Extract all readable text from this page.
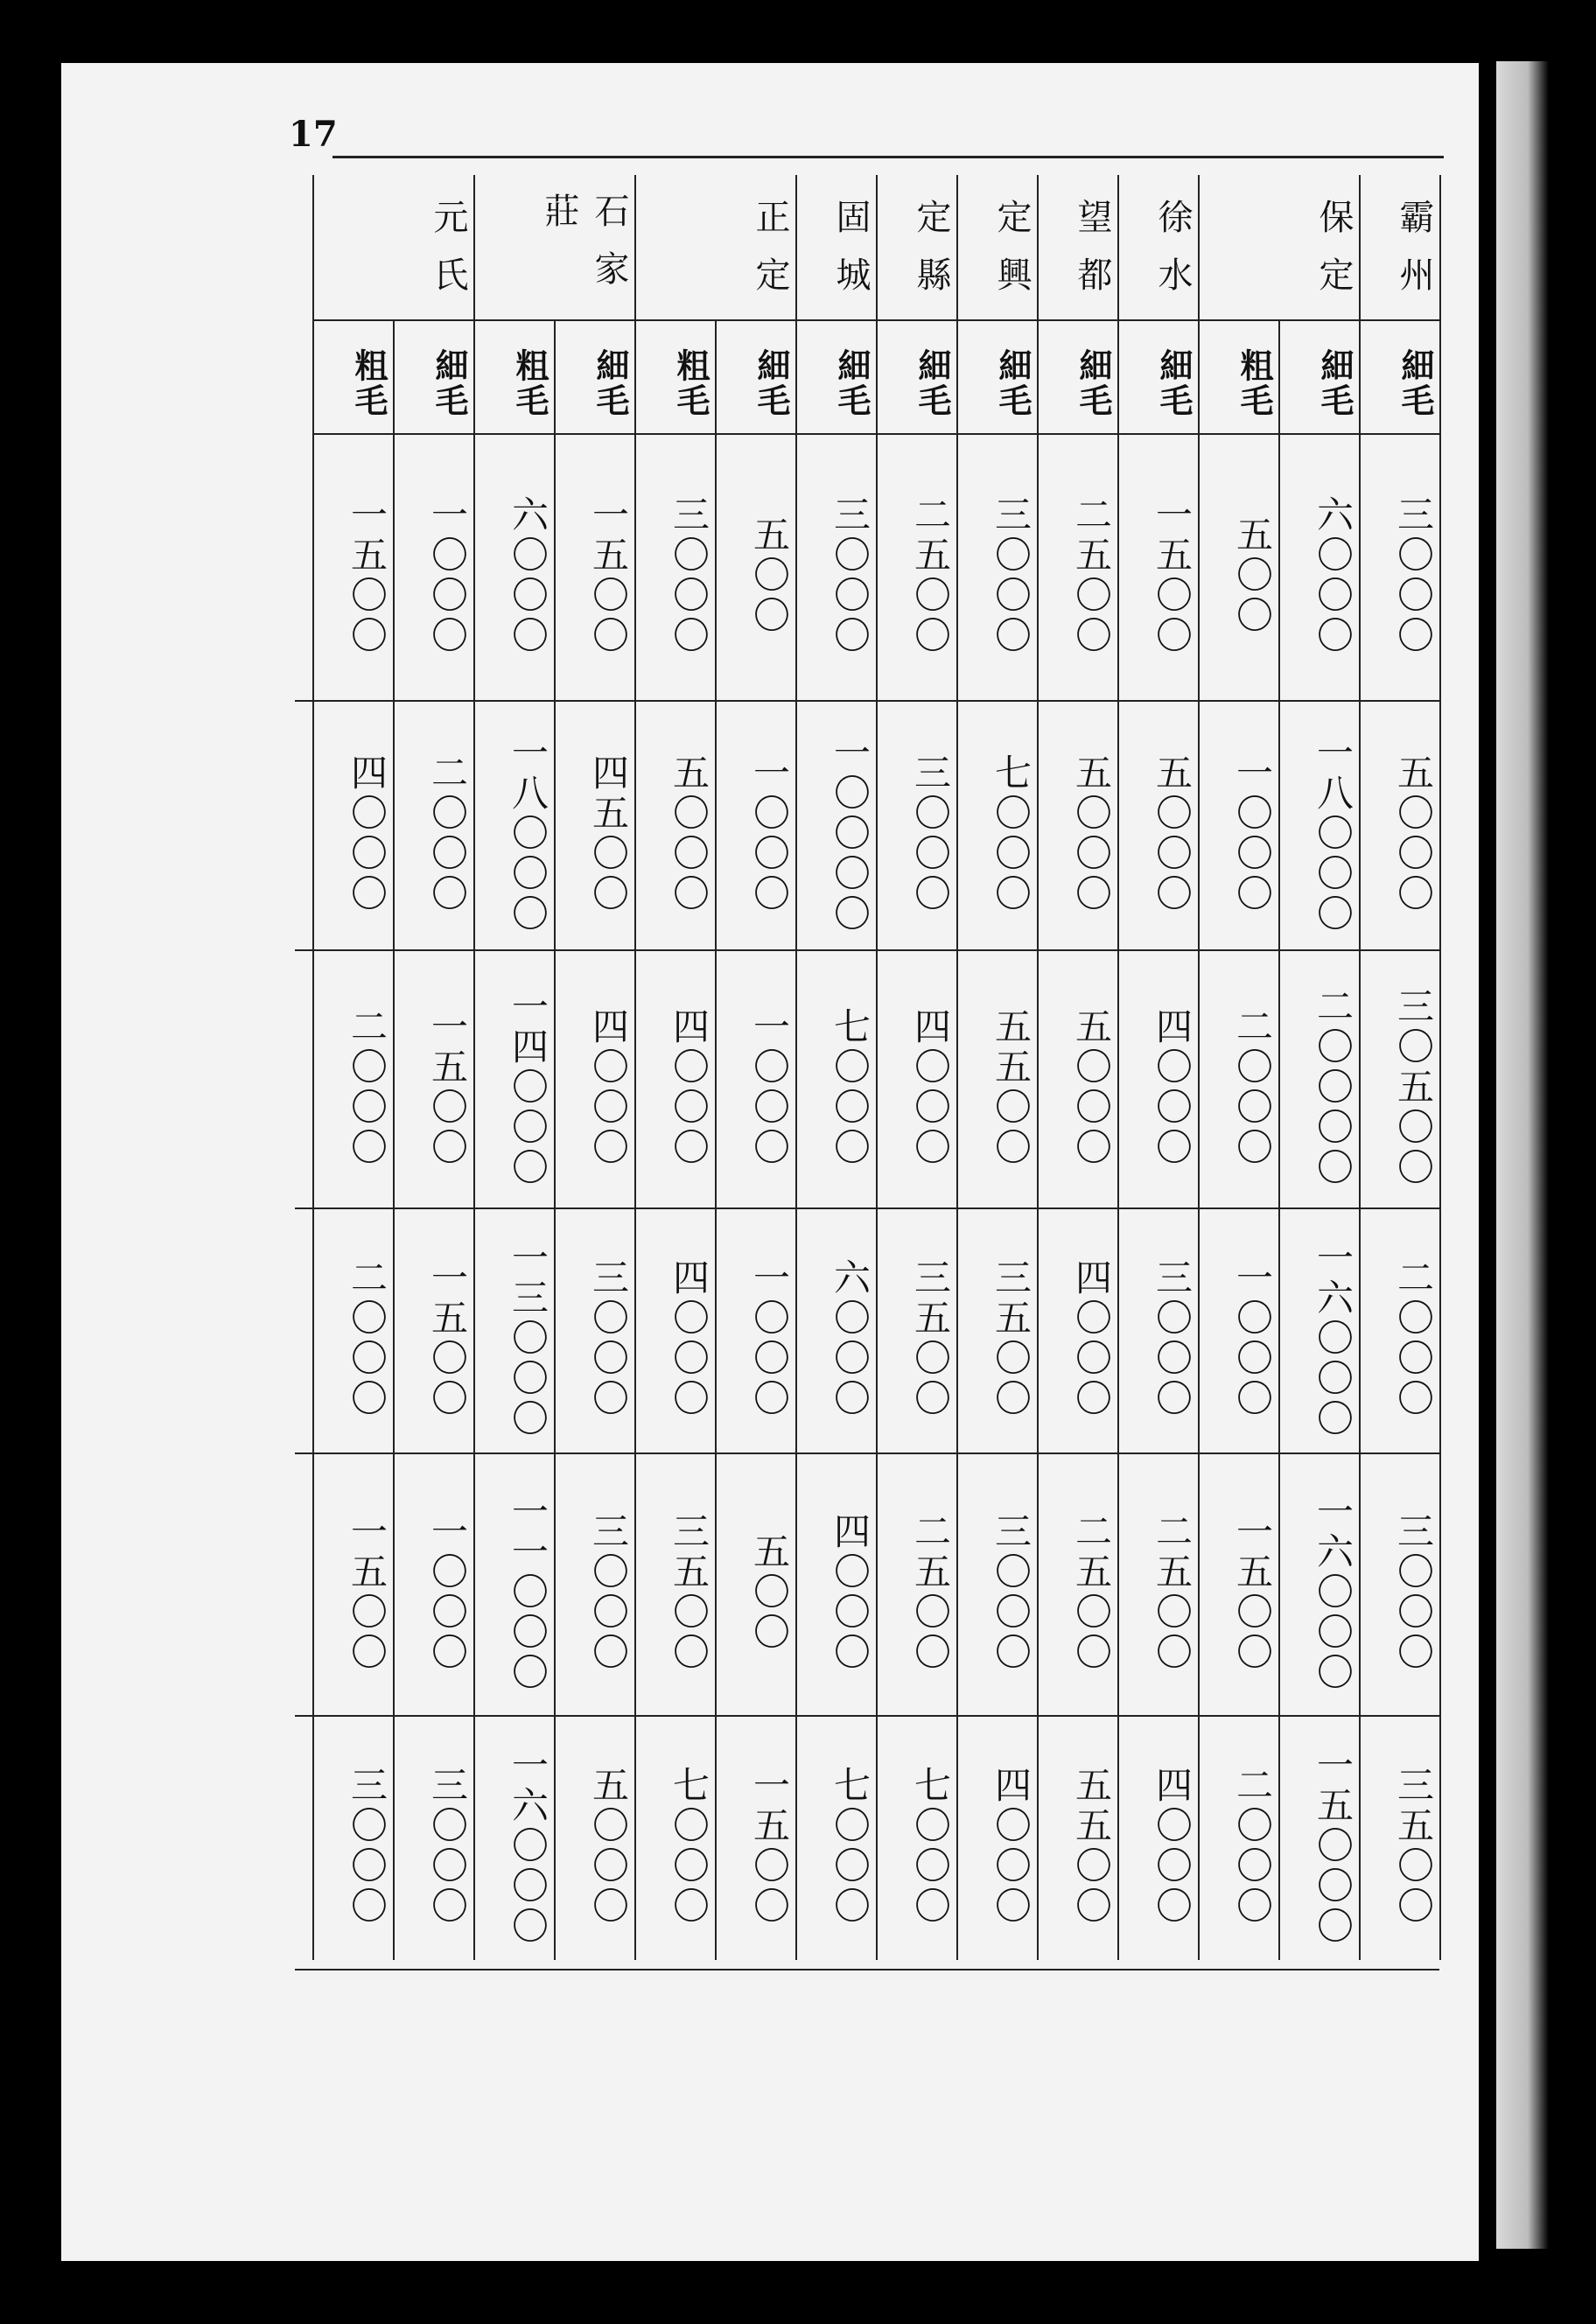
17
霸州
細毛
三〇〇〇
五〇〇〇
三〇五〇〇
二〇〇〇
三〇〇〇
三五〇〇
保定
細毛
六〇〇〇
一八〇〇〇
二〇〇〇〇
一六〇〇〇
一六〇〇〇
一五〇〇〇
粗毛
五〇〇
一〇〇〇
二〇〇〇
一〇〇〇
一五〇〇
二〇〇〇
徐水
細毛
一五〇〇
五〇〇〇
四〇〇〇
三〇〇〇
二五〇〇
四〇〇〇
望都
細毛
二五〇〇
五〇〇〇
五〇〇〇
四〇〇〇
二五〇〇
五五〇〇
定興
細毛
三〇〇〇
七〇〇〇
五五〇〇
三五〇〇
三〇〇〇
四〇〇〇
定縣
細毛
二五〇〇
三〇〇〇
四〇〇〇
三五〇〇
二五〇〇
七〇〇〇
固城
細毛
三〇〇〇
一〇〇〇〇
七〇〇〇
六〇〇〇
四〇〇〇
七〇〇〇
正定
細毛
五〇〇
一〇〇〇
一〇〇〇
一〇〇〇
五〇〇
一五〇〇
粗毛
三〇〇〇
五〇〇〇
四〇〇〇
四〇〇〇
三五〇〇
七〇〇〇
石家莊
細毛
一五〇〇
四五〇〇
四〇〇〇
三〇〇〇
三〇〇〇
五〇〇〇
粗毛
六〇〇〇
一八〇〇〇
一四〇〇〇
一三〇〇〇
一一〇〇〇
一六〇〇〇
元氏
細毛
一〇〇〇
二〇〇〇
一五〇〇
一五〇〇
一〇〇〇
三〇〇〇
粗毛
一五〇〇
四〇〇〇
二〇〇〇
二〇〇〇
一五〇〇
三〇〇〇
